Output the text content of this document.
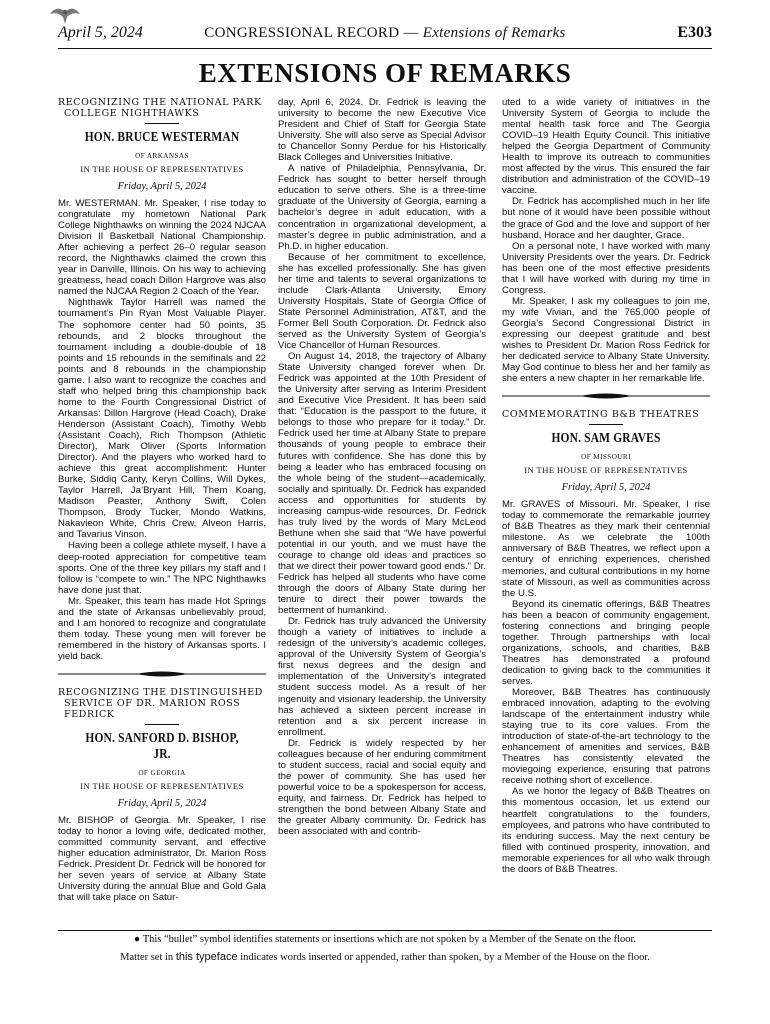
April 5, 2024	CONGRESSIONAL RECORD — Extensions of Remarks	E303
EXTENSIONS OF REMARKS

RECOGNIZING THE NATIONAL PARK COLLEGE NIGHTHAWKS

HON. BRUCE WESTERMAN
OF ARKANSAS
IN THE HOUSE OF REPRESENTATIVES
Friday, April 5, 2024

Mr. WESTERMAN. Mr. Speaker, I rise today to congratulate my hometown National Park College Nighthawks on winning the 2024 NJCAA Division II Basketball National Championship. After achieving a perfect 26–0 regular season record, the Nighthawks claimed the crown this year in Danville, Illinois. On his way to achieving greatness, head coach Dillon Hargrove was also named the NJCAA Region 2 Coach of the Year.

Nighthawk Taylor Harrell was named the tournament’s Pin Ryan Most Valuable Player. The sophomore center had 50 points, 35 rebounds, and 2 blocks throughout the tournament including a double-double of 18 points and 15 rebounds in the semifinals and 22 points and 8 rebounds in the championship game. I also want to recognize the coaches and staff who helped bring this championship back home to the Fourth Congressional District of Arkansas: Dillon Hargrove (Head Coach), Drake Henderson (Assistant Coach), Timothy Webb (Assistant Coach), Rich Thompson (Athletic Director), Mark Oliver (Sports Information Director). And the players who worked hard to achieve this great accomplishment: Hunter Burke, Siddiq Canty, Keryn Collins, Will Dykes, Taylor Harrell, Ja’Bryant Hill, Them Koang, Madison Peaster, Anthony Swift, Colen Thompson, Brody Tucker, Mondo Watkins, Nakavieon White, Chris Crew, Alveon Harris, and Tavarius Vinson.

Having been a college athlete myself, I have a deep-rooted appreciation for competitive team sports. One of the three key pillars my staff and I follow is “compete to win.” The NPC Nighthawks have done just that.

Mr. Speaker, this team has made Hot Springs and the state of Arkansas unbelievably proud, and I am honored to recognize and congratulate them today. These young men will forever be remembered in the history of Arkansas sports. I yield back.

RECOGNIZING THE DISTINGUISHED SERVICE OF DR. MARION ROSS FEDRICK

HON. SANFORD D. BISHOP, JR.
OF GEORGIA
IN THE HOUSE OF REPRESENTATIVES
Friday, April 5, 2024

Mr. BISHOP of Georgia. Mr. Speaker, I rise today to honor a loving wife, dedicated mother, committed community servant, and effective higher education administrator, Dr. Marion Ross Fedrick. President Dr. Fedrick will be honored for her seven years of service at Albany State University during the annual Blue and Gold Gala that will take place on Satur-

day, April 6, 2024. Dr. Fedrick is leaving the university to become the new Executive Vice President and Chief of Staff for Georgia State University. She will also serve as Special Advisor to Chancellor Sonny Perdue for his Historically Black Colleges and Universities Initiative.

A native of Philadelphia, Pennsylvania, Dr. Fedrick has sought to better herself through education to serve others. She is a three-time graduate of the University of Georgia, earning a bachelor’s degree in adult education, with a concentration in organizational development, a master’s degree in public administration, and a Ph.D. in higher education.

Because of her commitment to excellence, she has excelled professionally. She has given her time and talents to several organizations to include Clark-Atlanta University, Emory University Hospitals, State of Georgia Office of State Personnel Administration, AT&T, and the Former Bell South Corporation. Dr. Fedrick also served as the University System of Georgia’s Vice Chancellor of Human Resources.

On August 14, 2018, the trajectory of Albany State University changed forever when Dr. Fedrick was appointed at the 10th President of the University after serving as Interim President and Executive Vice President. It has been said that: “Education is the passport to the future, it belongs to those who prepare for it today.” Dr. Fedrick used her time at Albany State to prepare thousands of young people to embrace their futures with confidence. She has done this by being a leader who has embraced focusing on the whole being of the student—academically, socially and spiritually. Dr. Fedrick has expanded access and opportunities for students by increasing campus-wide resources. Dr. Fedrick has truly lived by the words of Mary McLeod Bethune when she said that “We have powerful potential in our youth, and we must have the courage to change old ideas and practices so that we direct their power toward good ends.” Dr. Fedrick has helped all students who have come through the doors of Albany State during her tenure to direct their power towards the betterment of humankind.

Dr. Fedrick has truly advanced the University though a variety of initiatives to include a redesign of the university’s academic colleges, approval of the University System of Georgia’s first nexus degrees and the design and implementation of the University’s integrated student success model. As a result of her ingenuity and visionary leadership, the University has achieved a sixteen percent increase in retention and a six percent increase in enrollment.

Dr. Fedrick is widely respected by her colleagues because of her enduring commitment to student success, racial and social equity and the power of community. She has used her powerful voice to be a spokesperson for access, equity, and fairness. Dr. Fedrick has helped to strengthen the bond between Albany State and the greater Albany community. Dr. Fedrick has been associated with and contrib-

uted to a wide variety of initiatives in the University System of Georgia to include the mental health task force and The Georgia COVID–19 Health Equity Council. This initiative helped the Georgia Department of Community Health to improve its outreach to communities most affected by the virus. This ensured the fair distribution and administration of the COVID–19 vaccine.

Dr. Fedrick has accomplished much in her life but none of it would have been possible without the grace of God and the love and support of her husband, Horace and her daughter, Grace.

On a personal note, I have worked with many University Presidents over the years. Dr. Fedrick has been one of the most effective presidents that I will have worked with during my time in Congress.

Mr. Speaker, I ask my colleagues to join me, my wife Vivian, and the 765,000 people of Georgia’s Second Congressional District in expressing our deepest gratitude and best wishes to President Dr. Marion Ross Fedrick for her dedicated service to Albany State University. May God continue to bless her and her family as she enters a new chapter in her remarkable life.

COMMEMORATING B&B THEATRES

HON. SAM GRAVES
OF MISSOURI
IN THE HOUSE OF REPRESENTATIVES
Friday, April 5, 2024

Mr. GRAVES of Missouri. Mr. Speaker, I rise today to commemorate the remarkable journey of B&B Theatres as they mark their centennial milestone. As we celebrate the 100th anniversary of B&B Theatres, we reflect upon a century of enriching experiences, cherished memories, and cultural contributions in my home state of Missouri, as well as communities across the U.S.

Beyond its cinematic offerings, B&B Theatres has been a beacon of community engagement, fostering connections and bringing people together. Through partnerships with local organizations, schools, and charities, B&B Theatres has demonstrated a profound dedication to giving back to the communities it serves.

Moreover, B&B Theatres has continuously embraced innovation, adapting to the evolving landscape of the entertainment industry while staying true to its core values. From the introduction of state-of-the-art technology to the enhancement of amenities and services, B&B Theatres has consistently elevated the moviegoing experience, ensuring that patrons receive nothing short of excellence.

As we honor the legacy of B&B Theatres on this momentous occasion, let us extend our heartfelt congratulations to the founders, employees, and patrons who have contributed to its enduring success. May the next century be filled with continued prosperity, innovation, and memorable experiences for all who walk through the doors of B&B Theatres.

● This “bullet” symbol identifies statements or insertions which are not spoken by a Member of the Senate on the floor.
Matter set in this typeface indicates words inserted or appended, rather than spoken, by a Member of the House on the floor.
